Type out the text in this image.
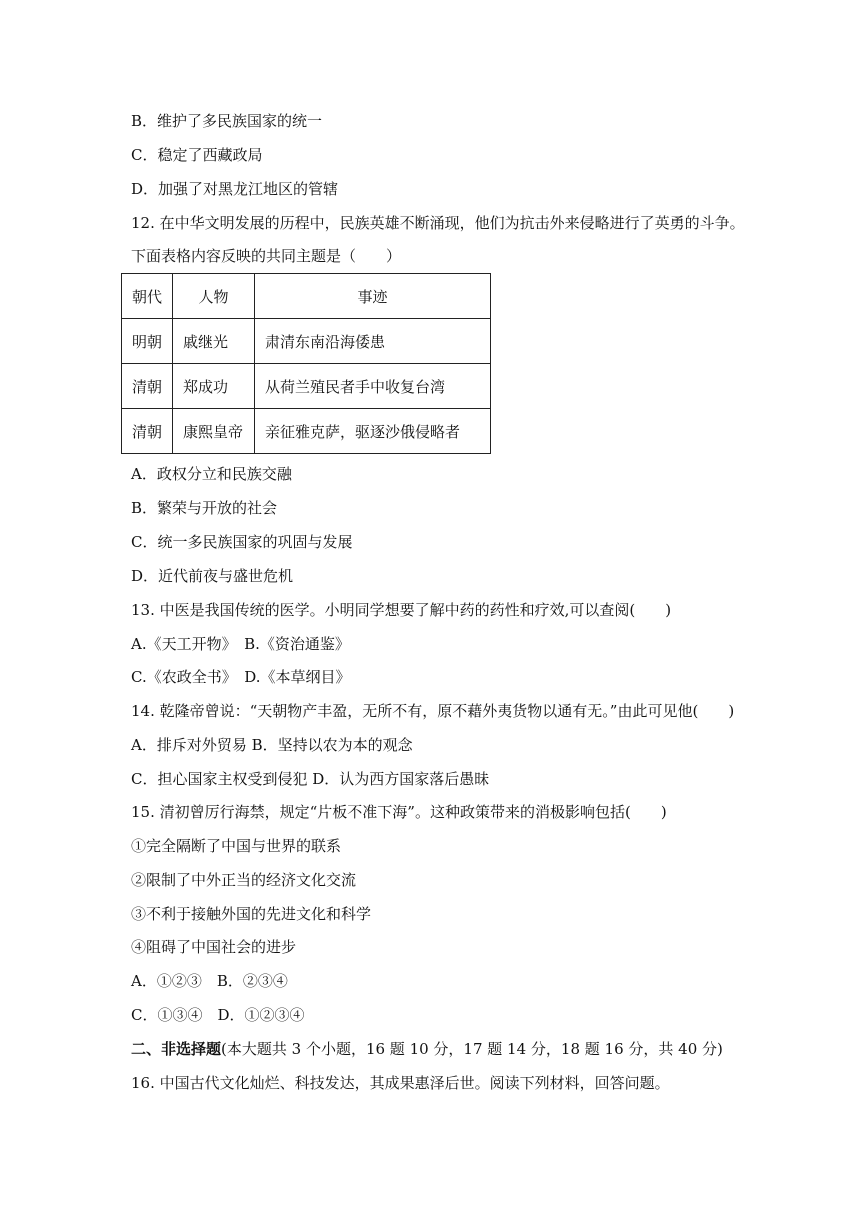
B．维护了多民族国家的统一
C．稳定了西藏政局
D．加强了对黑龙江地区的管辖
12. 在中华文明发展的历程中，民族英雄不断涌现，他们为抗击外来侵略进行了英勇的斗争。
下面表格内容反映的共同主题是（　　）
朝代	人物	事迹
明朝	戚继光	肃清东南沿海倭患
清朝	郑成功	从荷兰殖民者手中收复台湾
清朝	康熙皇帝	亲征雅克萨，驱逐沙俄侵略者
A．政权分立和民族交融
B．繁荣与开放的社会
C．统一多民族国家的巩固与发展
D．近代前夜与盛世危机
13. 中医是我国传统的医学。小明同学想要了解中药的药性和疗效,可以查阅(　　)
A.《天工开物》　B.《资治通鉴》
C.《农政全书》　D.《本草纲目》
14. 乾隆帝曾说：“天朝物产丰盈，无所不有，原不藉外夷货物以通有无。”由此可见他(　　)
A．排斥对外贸易 B．坚持以农为本的观念
C．担心国家主权受到侵犯 D．认为西方国家落后愚昧
15. 清初曾厉行海禁，规定“片板不准下海”。这种政策带来的消极影响包括(　　)
①完全隔断了中国与世界的联系
②限制了中外正当的经济文化交流
③不利于接触外国的先进文化和科学
④阻碍了中国社会的进步
A．①②③　B．②③④
C．①③④　D．①②③④
二、非选择题(本大题共 3 个小题，16 题 10 分，17 题 14 分，18 题 16 分，共 40 分)
16. 中国古代文化灿烂、科技发达，其成果惠泽后世。阅读下列材料，回答问题。
